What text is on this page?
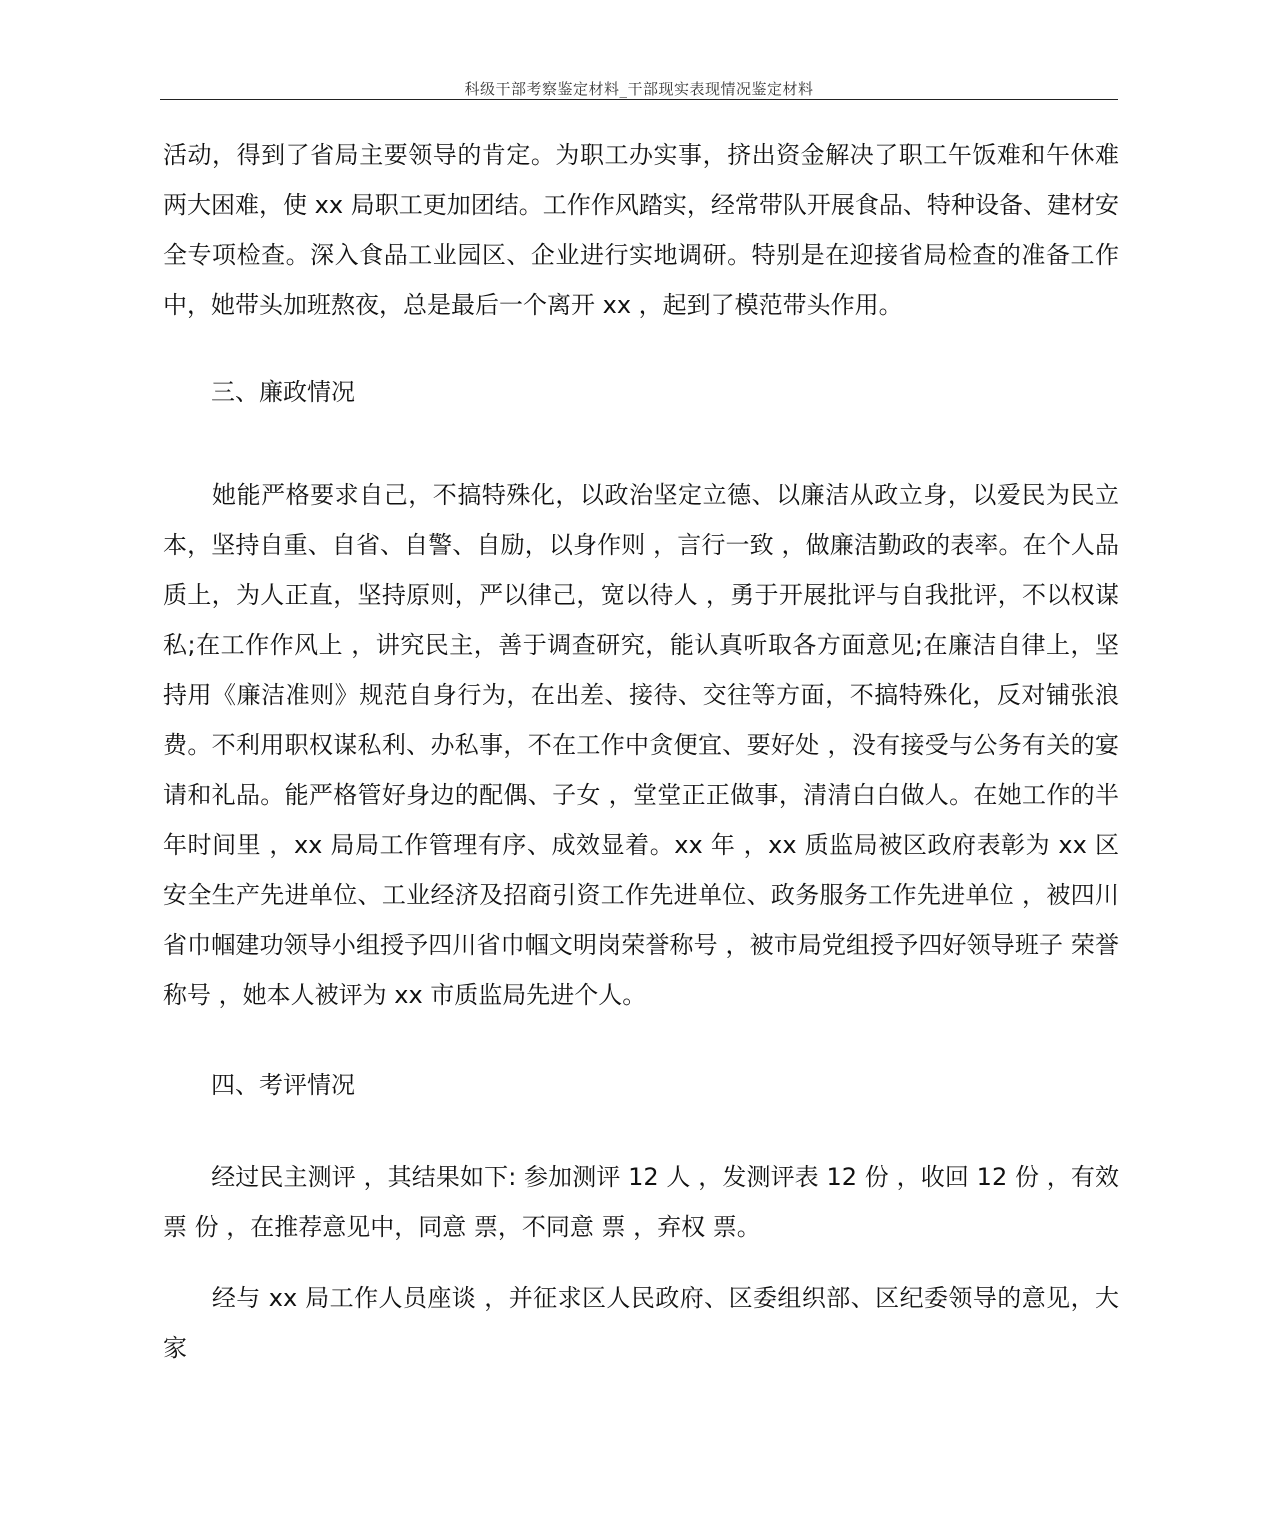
科级干部考察鉴定材料_干部现实表现情况鉴定材料

活动，得到了省局主要领导的肯定。为职工办实事，挤出资金解决了职工午饭难和午休难两大困难，使 xx 局职工更加团结。工作作风踏实，经常带队开展食品、特种设备、建材安全专项检查。深入食品工业园区、企业进行实地调研。特别是在迎接省局检查的准备工作中，她带头加班熬夜，总是最后一个离开 xx ，起到了模范带头作用。

　　三、廉政情况

　　她能严格要求自己，不搞特殊化，以政治坚定立德、以廉洁从政立身，以爱民为民立本，坚持自重、自省、自警、自励，以身作则 ，言行一致 ，做廉洁勤政的表率。在个人品质上，为人正直，坚持原则，严以律己，宽以待人 ，勇于开展批评与自我批评，不以权谋私;在工作作风上 ，讲究民主，善于调查研究，能认真听取各方面意见;在廉洁自律上，坚持用《廉洁准则》规范自身行为，在出差、接待、交往等方面，不搞特殊化，反对铺张浪费。不利用职权谋私利、办私事，不在工作中贪便宜、要好处 ，没有接受与公务有关的宴请和礼品。能严格管好身边的配偶、子女 ，堂堂正正做事，清清白白做人。在她工作的半年时间里 ，xx 局局工作管理有序、成效显着。xx 年 ，xx 质监局被区政府表彰为 xx 区安全生产先进单位、工业经济及招商引资工作先进单位、政务服务工作先进单位 ，被四川省巾帼建功领导小组授予四川省巾帼文明岗荣誉称号 ，被市局党组授予四好领导班子 荣誉称号 ，她本人被评为 xx 市质监局先进个人。

　　四、考评情况

　　经过民主测评 ，其结果如下: 参加测评 12 人 ，发测评表 12 份 ，收回 12 份 ，有效票 份 ，在推荐意见中，同意 票，不同意 票 ，弃权 票。

　　经与 xx 局工作人员座谈 ，并征求区人民政府、区委组织部、区纪委领导的意见，大家
